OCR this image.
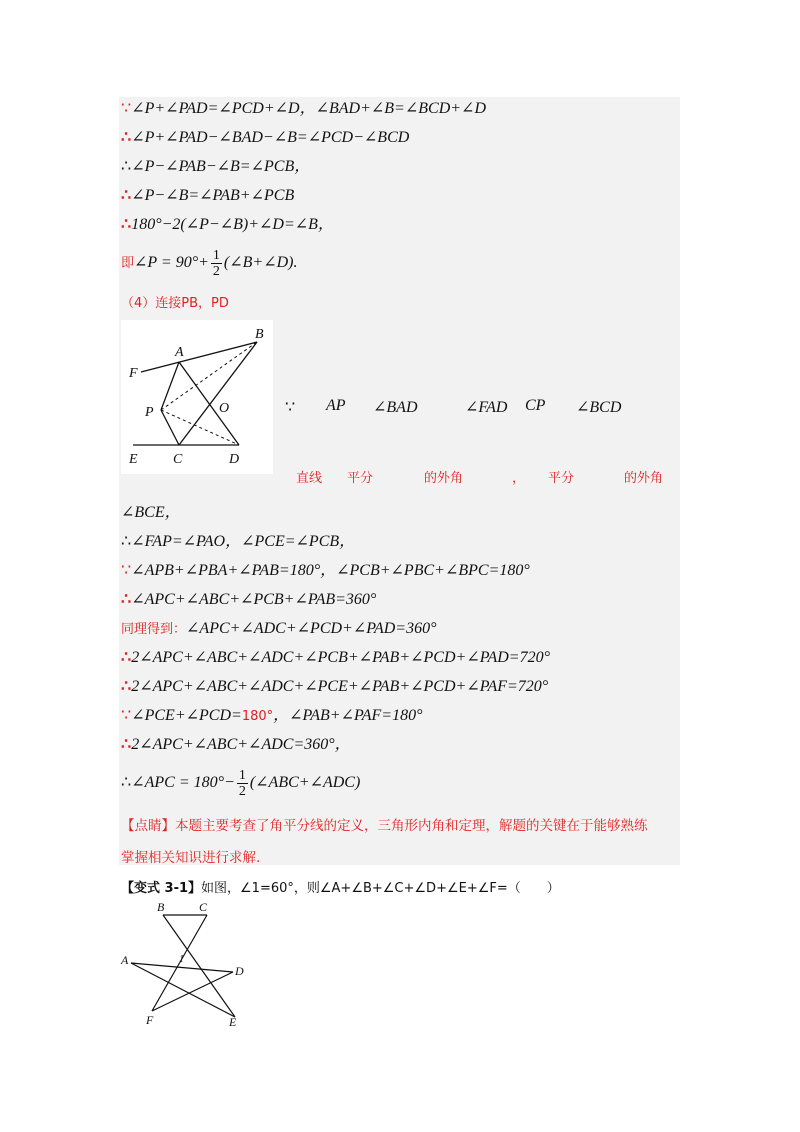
∵∠P+∠PAD=∠PCD+∠D，∠BAD+∠B=∠BCD+∠D
∴∠P+∠PAD−∠BAD−∠B=∠PCD−∠BCD
∴∠P−∠PAB−∠B=∠PCB，
∴∠P−∠B=∠PAB+∠PCB
∴180°−2(∠P−∠B)+∠D=∠B，
即∠P = $90^\circ+ \frac{1}{2}$ (∠B+∠D).
（4）连接PB，PD
A
B
F
P	O
E	C	D
∵ AP ∠BAD	∠FAD CP ∠BCD
直线 平分	的外角	， 平分	的外角
∠BCE，
∴∠FAP=∠PAO，∠PCE=∠PCB，
∵∠APB+∠PBA+∠PAB=180°，∠PCB+∠PBC+∠BPC=180°
∴∠APC+∠ABC+∠PCB+∠PAB=360°
同理得到：∠APC+∠ADC+∠PCD+∠PAD=360°
∴2∠APC+∠ABC+∠ADC+∠PCB+∠PAB+∠PCD+∠PAD=720°
∴2∠APC+∠ABC+∠ADC+∠PCE+∠PAB+∠PCD+∠PAF=720°
∵∠PCE+∠PCD=180°，∠PAB+∠PAF=180°
∴2∠APC+∠ABC+∠ADC=360°，
∴∠APC = $180^\circ- \frac{1}{2}$ (∠ABC+∠ADC)
【点睛】本题主要考查了角平分线的定义，三角形内角和定理，解题的关键在于能够熟练
掌握相关知识进行求解.
【变式 3-1】如图，∠1=60°，则∠A+∠B+∠C+∠D+∠E+∠F=（　　）
B	C
A	1
D
F	E
